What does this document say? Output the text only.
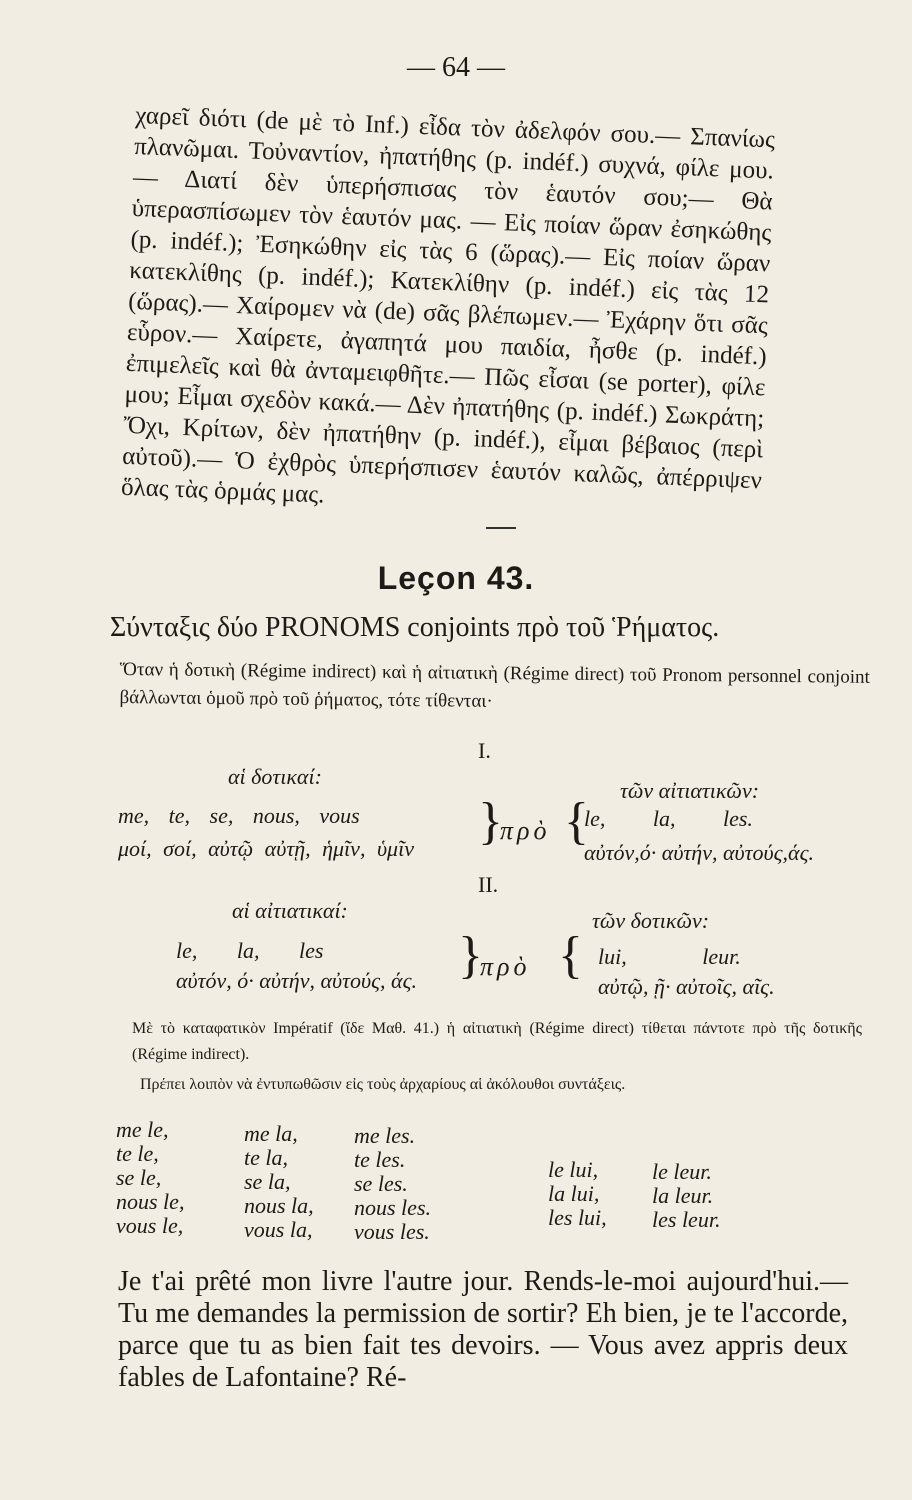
— 64 —
χαρεῖ διότι (de μὲ τὸ Inf.) εἶδα τὸν ἀδελφόν σου.— Σπανίως πλανῶμαι. Τοὐναντίον, ἠπατήθης (p. indéf.) συχνά, φίλε μου. — Διατί δὲν ὑπερήσπισας τὸν ἑαυτόν σου;— Θὰ ὑπερασπίσωμεν τὸν ἑαυτόν μας. — Εἰς ποίαν ὥραν ἐσηκώθης (p. indéf.); Ἐσηκώθην εἰς τὰς 6 (ὥρας).— Εἰς ποίαν ὥραν κατεκλίθης (p. indéf.); Κατεκλίθην (p. indéf.) εἰς τὰς 12 (ὥρας).— Χαίρομεν νὰ (de) σᾶς βλέπωμεν.— Ἐχάρην ὅτι σᾶς εὗρον.— Χαίρετε, ἀγαπητά μου παιδία, ἦσθε (p. indéf.) ἐπιμελεῖς καὶ θὰ ἀνταμειφθῆτε.— Πῶς εἶσαι (se porter), φίλε μου; Εἶμαι σχεδὸν κακά.— Δὲν ἠπατήθης (p. indéf.) Σωκράτη; Ὄχι, Κρίτων, δὲν ἠπατήθην (p. indéf.), εἶμαι βέβαιος (περὶ αὐτοῦ).— Ὁ ἐχθρὸς ὑπερήσπισεν ἑαυτόν καλῶς, ἀπέρριψεν ὅλας τὰς ὁρμάς μας.
Leçon 43.
Σύνταξις δύο PRONOMS conjoints πρὸ τοῦ Ῥήματος.
Ὅταν ἡ δοτικὴ (Régime indirect) καὶ ἡ αἰτιατικὴ (Régime direct) τοῦ Pronom personnel conjoint βάλλωνται ὁμοῦ πρὸ τοῦ ῥήματος, τότε τίθενται·
I.
αἱ δοτικαί:
τῶν αἰτιατικῶν:
me, te, se, nous, vous
μοί, σοί, αὐτῷ αὐτῇ, ἡμῖν, ὑμῖν }
πρὸ {
le, la, les.
αὐτόν,ό· αὐτήν, αὐτούς,άς.
II.
αἱ αἰτιατικαί:	τῶν δοτικῶν:
le, la, les
αὐτόν, ό· αὐτήν, αὐτούς, άς. }
πρὸ { lui, leur.
αὐτῷ, ῇ· αὐτοῖς, αῖς.
Μὲ τὸ καταφατικὸν Impératif (ἴδε Μαθ. 41.) ἡ αἰτιατικὴ (Régime direct) τίθεται πάντοτε πρὸ τῆς δοτικῆς (Régime indirect).
Πρέπει λοιπὸν νὰ ἐντυπωθῶσιν εἰς τοὺς ἀρχαρίους αἱ ἀκόλουθοι συντάξεις.
me le,
te le,
se le,
nous le,
vous le,
me la,
te la,
se la,
nous la,
vous la,
me les.
te les.
se les.
nous les.
vous les.
le lui,
la lui,
les lui,
le leur.
la leur.
les leur.
Je t'ai prêté mon livre l'autre jour. Rends-le-moi aujourd'hui.— Tu me demandes la permission de sortir? Eh bien, je te l'accorde, parce que tu as bien fait tes devoirs. — Vous avez appris deux fables de Lafontaine? Ré-
